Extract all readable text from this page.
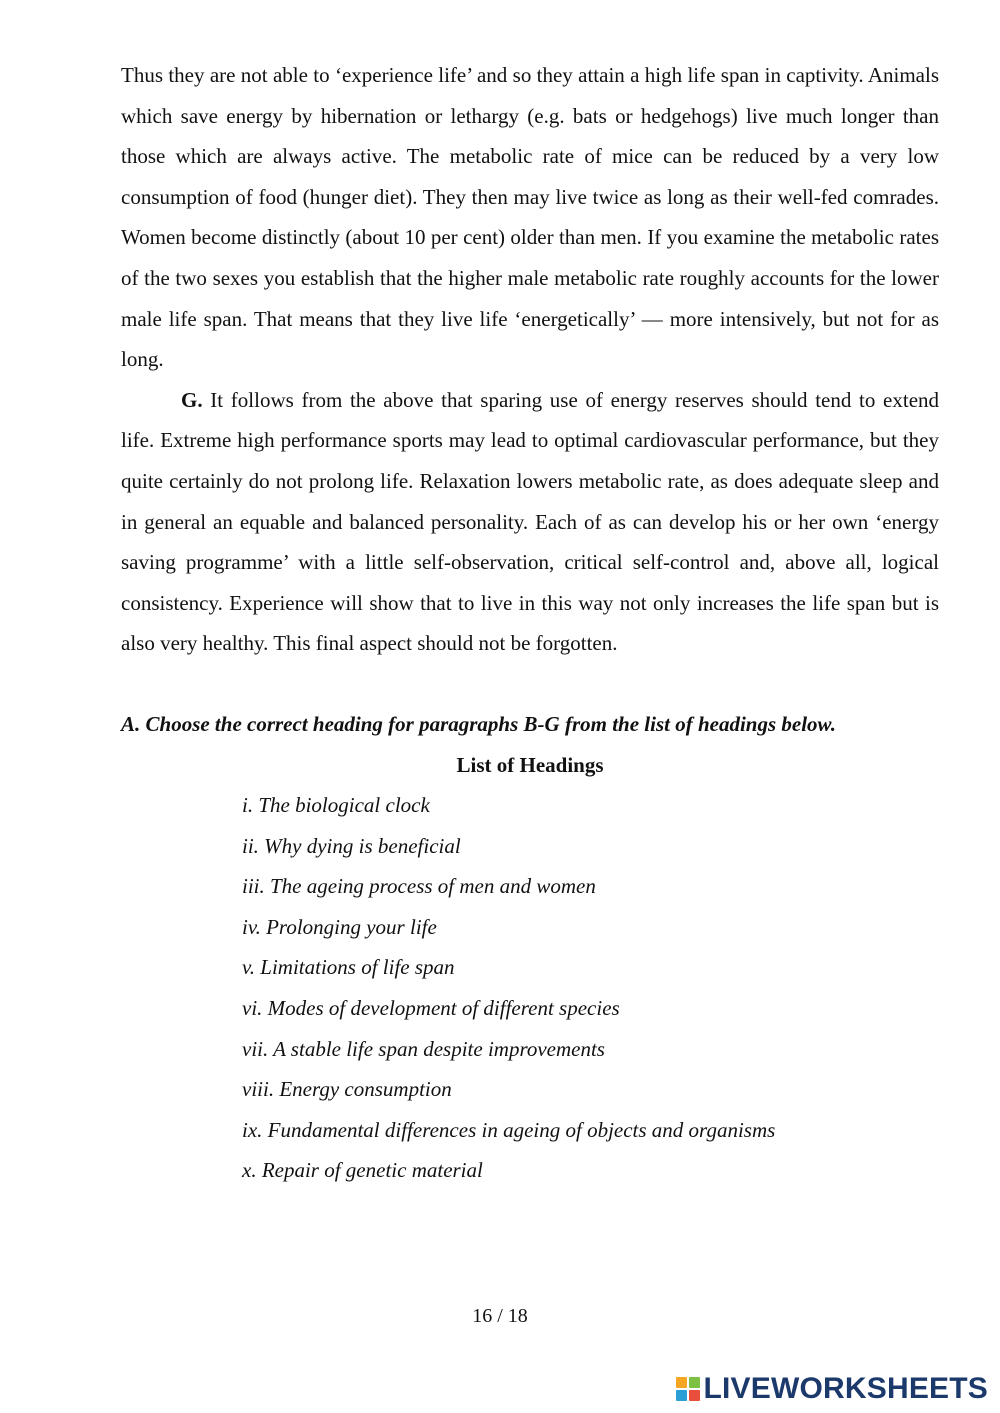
Thus they are not able to ‘experience life’ and so they attain a high life span in captivity. Animals which save energy by hibernation or lethargy (e.g. bats or hedgehogs) live much longer than those which are always active. The metabolic rate of mice can be reduced by a very low consumption of food (hunger diet). They then may live twice as long as their well-fed comrades. Women become distinctly (about 10 per cent) older than men. If you examine the metabolic rates of the two sexes you establish that the higher male metabolic rate roughly accounts for the lower male life span. That means that they live life ‘energetically’ — more intensively, but not for as long.

G. It follows from the above that sparing use of energy reserves should tend to extend life. Extreme high performance sports may lead to optimal cardiovascular performance, but they quite certainly do not prolong life. Relaxation lowers metabolic rate, as does adequate sleep and in general an equable and balanced personality. Each of as can develop his or her own ‘energy saving programme’ with a little self-observation, critical self-control and, above all, logical consistency. Experience will show that to live in this way not only increases the life span but is also very healthy. This final aspect should not be forgotten.

A. Choose the correct heading for paragraphs B-G from the list of headings below.

List of Headings

i. The biological clock
ii. Why dying is beneficial
iii. The ageing process of men and women
iv. Prolonging your life
v. Limitations of life span
vi. Modes of development of different species
vii. A stable life span despite improvements
viii. Energy consumption
ix. Fundamental differences in ageing of objects and organisms
x. Repair of genetic material
16 / 18
LIVEWORKSHEETS
